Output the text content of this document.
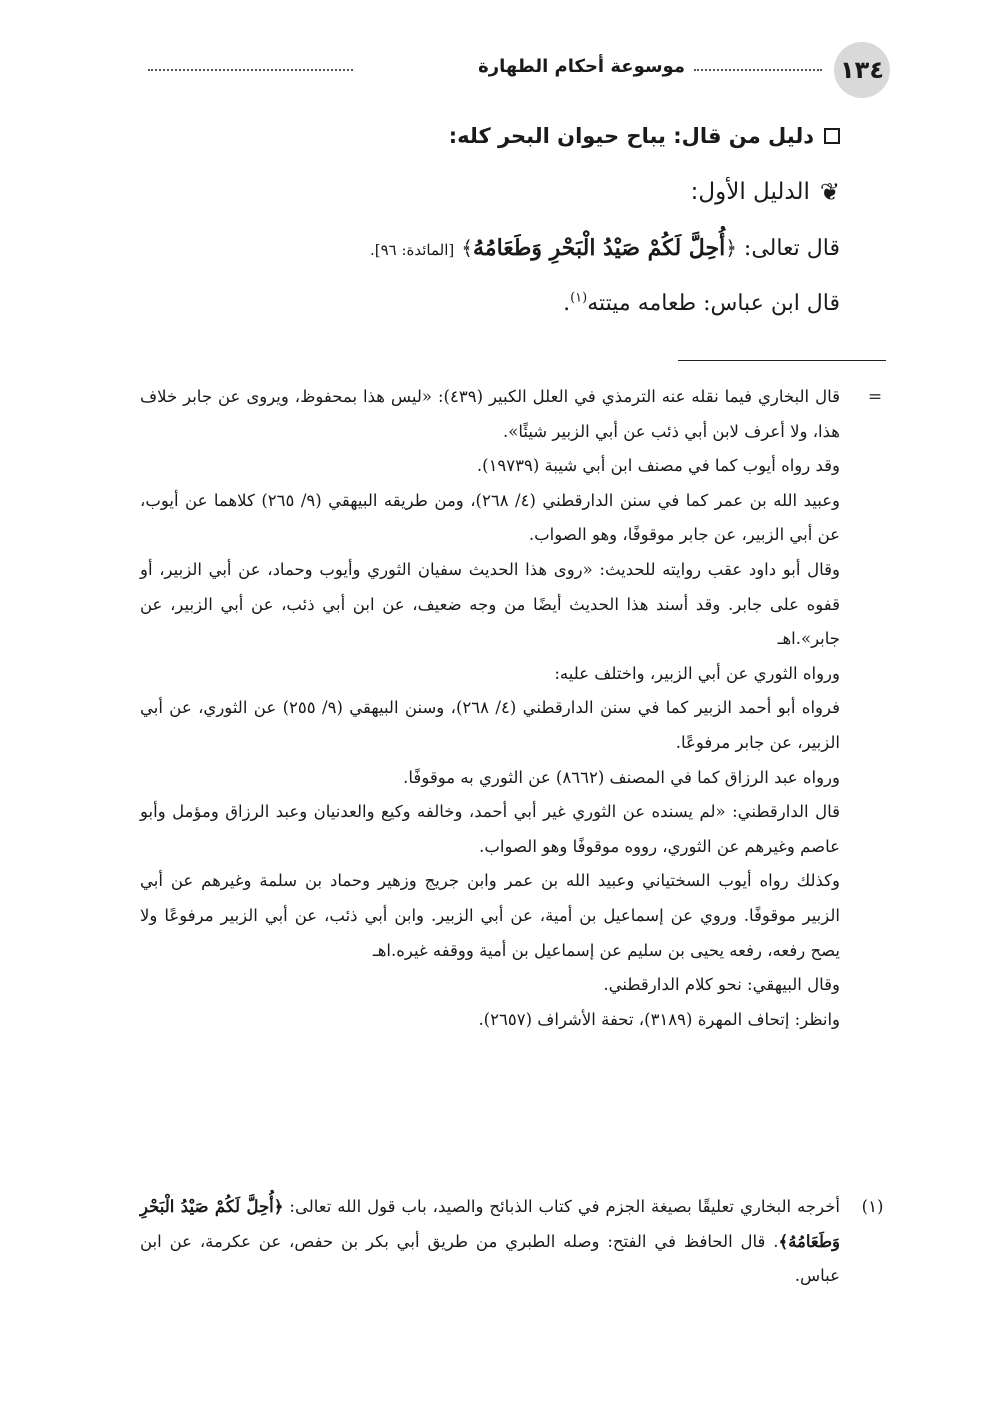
١٣٤
موسوعة أحكام الطهارة
دليل من قال: يباح حيوان البحر كله:
❦
الدليل الأول:
قال تعالى: ﴿أُحِلَّ لَكُمْ صَيْدُ الْبَحْرِ وَطَعَامُهُ﴾ [المائدة: ٩٦].
قال ابن عباس: طعامه ميتته$^{(١)}$.
=
قال البخاري فيما نقله عنه الترمذي في العلل الكبير (٤٣٩): «ليس هذا بمحفوظ، ويروى عن جابر خلاف هذا، ولا أعرف لابن أبي ذئب عن أبي الزبير شيئًا».
وقد رواه أيوب كما في مصنف ابن أبي شيبة (١٩٧٣٩).
وعبيد الله بن عمر كما في سنن الدارقطني (٤/ ٢٦٨)، ومن طريقه البيهقي (٩/ ٢٦٥) كلاهما عن أيوب، عن أبي الزبير، عن جابر موقوفًا، وهو الصواب.
وقال أبو داود عقب روايته للحديث: «روى هذا الحديث سفيان الثوري وأيوب وحماد، عن أبي الزبير، أو قفوه على جابر. وقد أسند هذا الحديث أيضًا من وجه ضعيف، عن ابن أبي ذئب، عن أبي الزبير، عن جابر».اهـ
ورواه الثوري عن أبي الزبير، واختلف عليه:
فرواه أبو أحمد الزبير كما في سنن الدارقطني (٤/ ٢٦٨)، وسنن البيهقي (٩/ ٢٥٥) عن الثوري، عن أبي الزبير، عن جابر مرفوعًا.
ورواه عبد الرزاق كما في المصنف (٨٦٦٢) عن الثوري به موقوفًا.
قال الدارقطني: «لم يسنده عن الثوري غير أبي أحمد، وخالفه وكيع والعدنيان وعبد الرزاق ومؤمل وأبو عاصم وغيرهم عن الثوري، رووه موقوفًا وهو الصواب.
وكذلك رواه أيوب السختياني وعبيد الله بن عمر وابن جريج وزهير وحماد بن سلمة وغيرهم عن أبي الزبير موقوفًا. وروي عن إسماعيل بن أمية، عن أبي الزبير. وابن أبي ذئب، عن أبي الزبير مرفوعًا ولا يصح رفعه، رفعه يحيى بن سليم عن إسماعيل بن أمية ووقفه غيره.اهـ
وقال البيهقي: نحو كلام الدارقطني.
وانظر: إتحاف المهرة (٣١٨٩)، تحفة الأشراف (٢٦٥٧).
(١)
أخرجه البخاري تعليقًا بصيغة الجزم في كتاب الذبائح والصيد، باب قول الله تعالى: ﴿أُحِلَّ لَكُمْ صَيْدُ الْبَحْرِ وَطَعَامُهُ﴾. قال الحافظ في الفتح: وصله الطبري من طريق أبي بكر بن حفص، عن عكرمة، عن ابن عباس.
